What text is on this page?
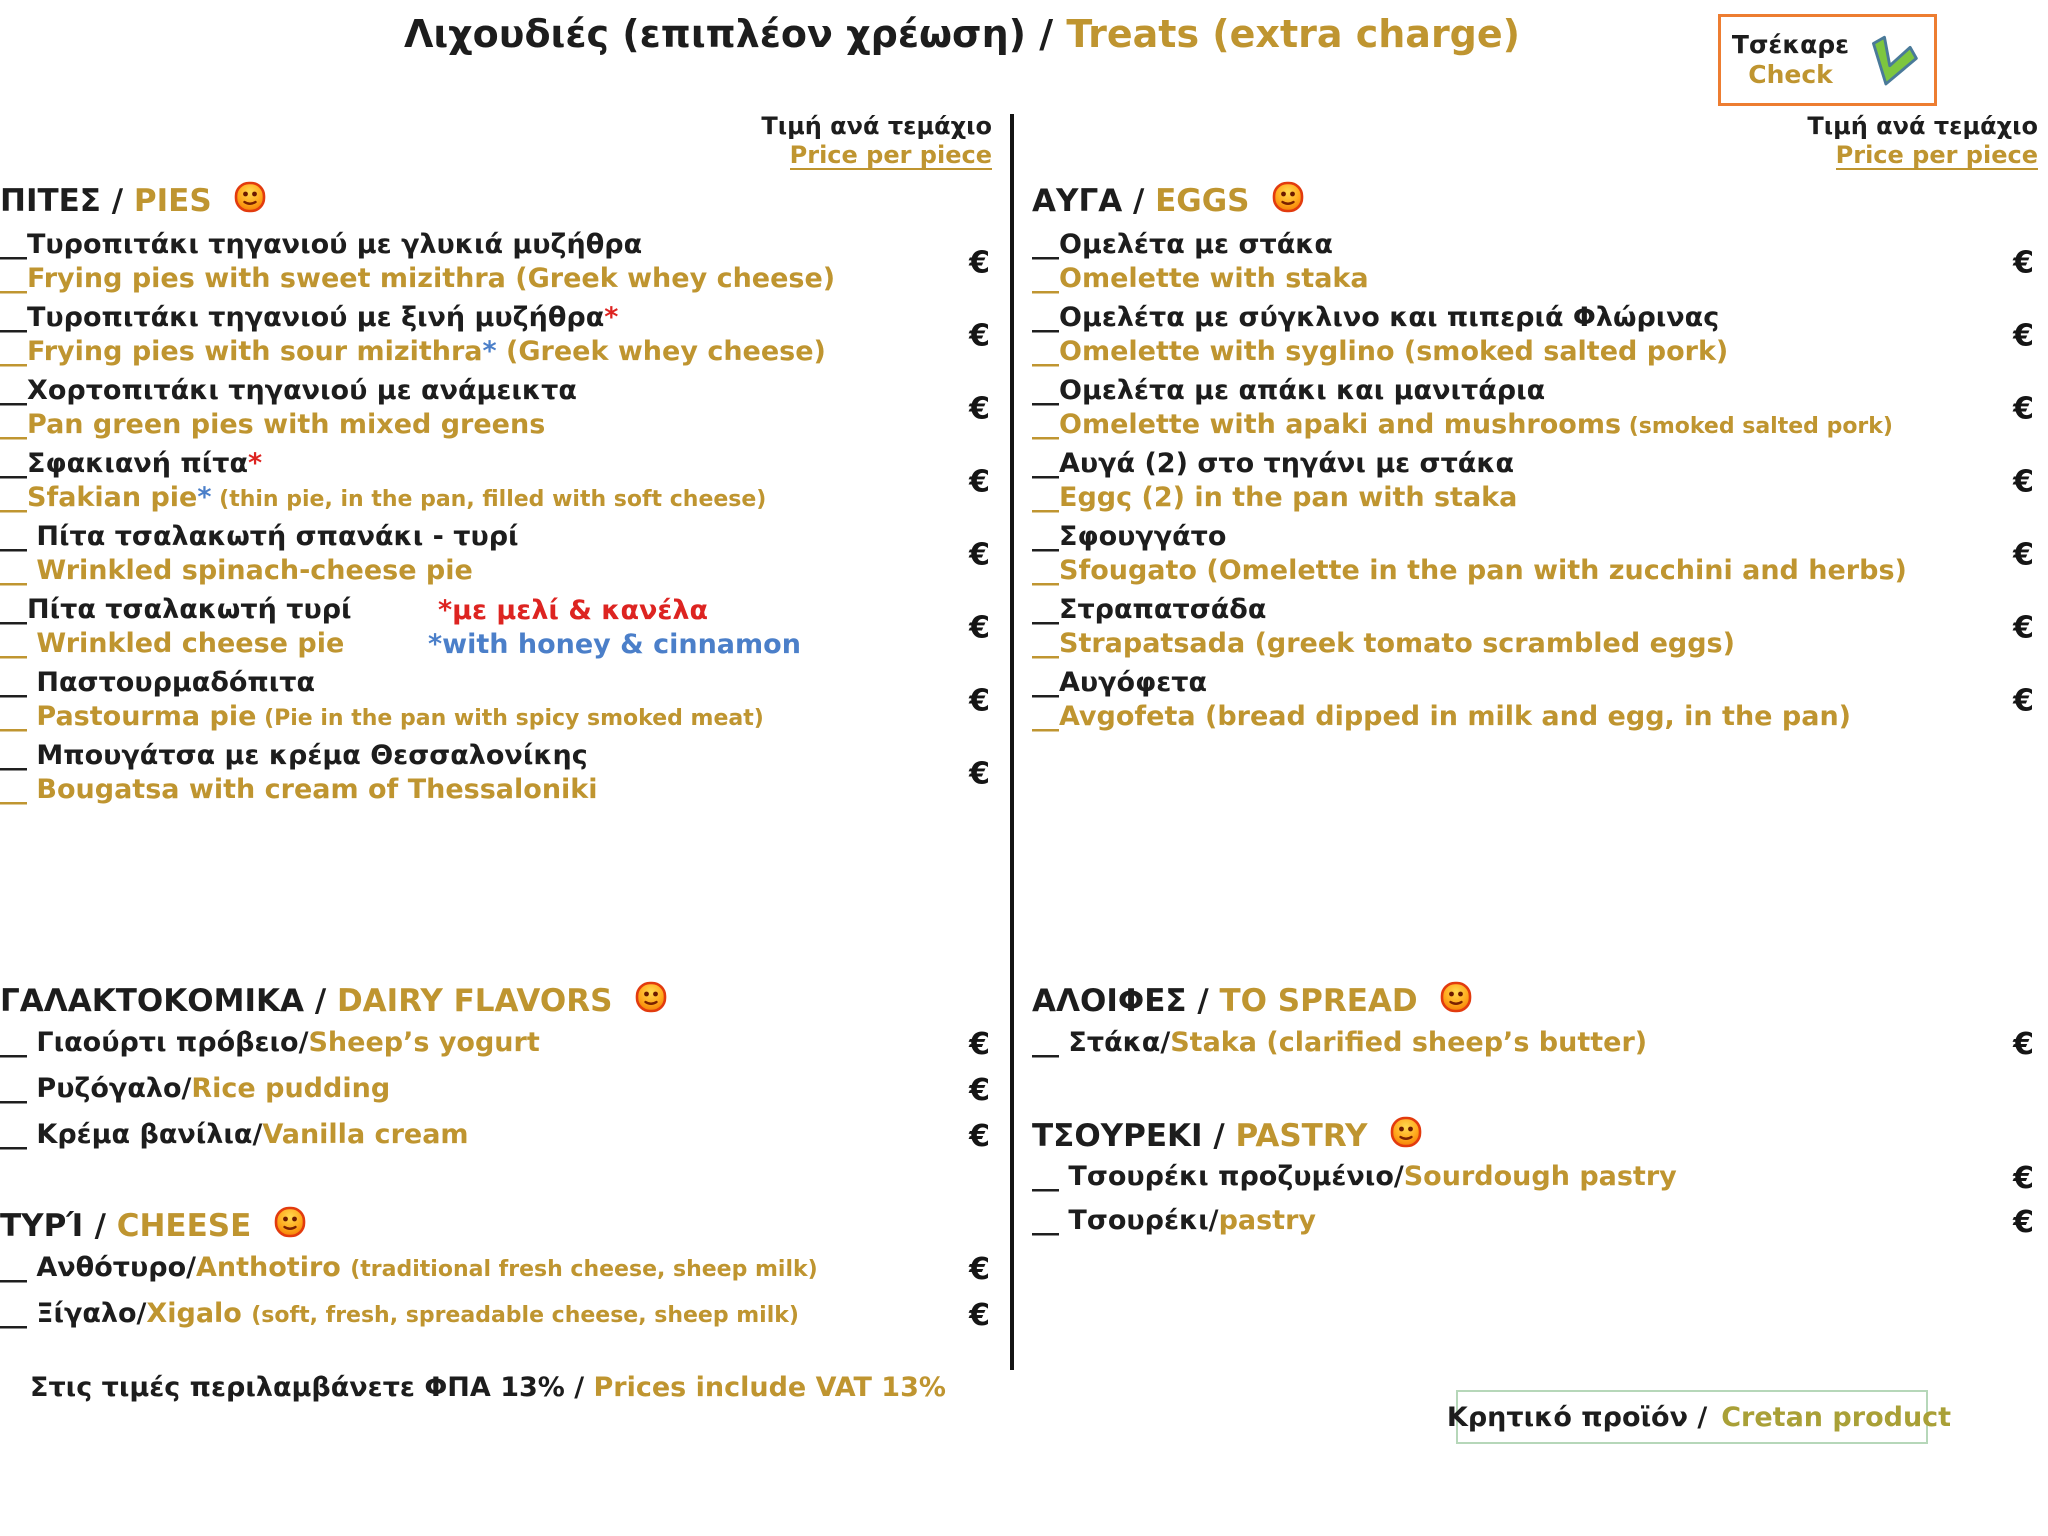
Λιχουδιές (επιπλέον χρέωση) / Treats (extra charge)	Τσέκαρε
Check
Τιμή ανά τεμάχιο
Price per piece
Τιμή ανά τεμάχιο
Price per piece
ΠΙΤΕΣ / PIES
__Τυροπιτάκι τηγανιού με γλυκιά μυζήθρα
__Frying pies with sweet mizithra (Greek whey cheese)	€
__Τυροπιτάκι τηγανιού με ξινή μυζήθρα*
__Frying pies with sour mizithra* (Greek whey cheese)	€
__Χορτοπιτάκι τηγανιού με ανάμεικτα
__Pan green pies with mixed greens	€
__Σφακιανή πίτα*
__Sfakian pie* (thin pie, in the pan, filled with soft cheese)
€
__ Πίτα τσαλακωτή σπανάκι - τυρί
__ Wrinkled spinach-cheese pie	€
__Πίτα τσαλακωτή τυρί
__ Wrinkled cheese pie
*με μελί & κανέλα
*with honey & cinnamon	€
__ Παστουρμαδόπιτα
__ Pastourma pie (Pie in the pan with spicy smoked meat)
€
__ Μπουγάτσα με κρέμα Θεσσαλονίκης
__ Bougatsa with cream of Thessaloniki	€
ΓΑΛΑΚΤΟΚΟΜΙΚΑ / DAIRY FLAVORS
__ Γιαούρτι πρόβειο/Sheep’s yogurt	€
__ Ρυζόγαλο/Rice pudding	€
__ Κρέμα βανίλια/Vanilla cream	€
ΤΥΡΊ / CHEESE
__ Ανθότυρο/Anthotiro (traditional fresh cheese, sheep milk)	€
__ Ξίγαλο/Xigalo (soft, fresh, spreadable cheese, sheep milk)	€
Στις τιμές περιλαμβάνετε ΦΠΑ 13% / Prices include VAT 13%
ΑΥΓΑ / EGGS
__Ομελέτα με στάκα
__Omelette with staka	€
__Ομελέτα με σύγκλινο και πιπεριά Φλώρινας
__Omelette with syglino (smoked salted pork)	€
__Ομελέτα με απάκι και μανιτάρια
__Omelette with apaki and mushrooms (smoked salted pork)
€
__Αυγά (2) στο τηγάνι με στάκα
__Eggς (2) in the pan with staka	€
__Σφουγγάτο
__Sfougato (Omelette in the pan with zucchini and herbs)	€
__Στραπατσάδα
__Strapatsada (greek tomato scrambled eggs)	€
__Αυγόφετα
__Avgofeta (bread dipped in milk and egg, in the pan)	€
ΑΛΟΙΦΕΣ / TO SPREAD
__ Στάκα/Staka (clarified sheep’s butter)	€
ΤΣΟΥΡΕΚΙ / PASTRY
__ Τσουρέκι προζυμένιο/Sourdough pastry	€
__ Τσουρέκι/pastry	€
Κρητικό προϊόν / Cretan product
